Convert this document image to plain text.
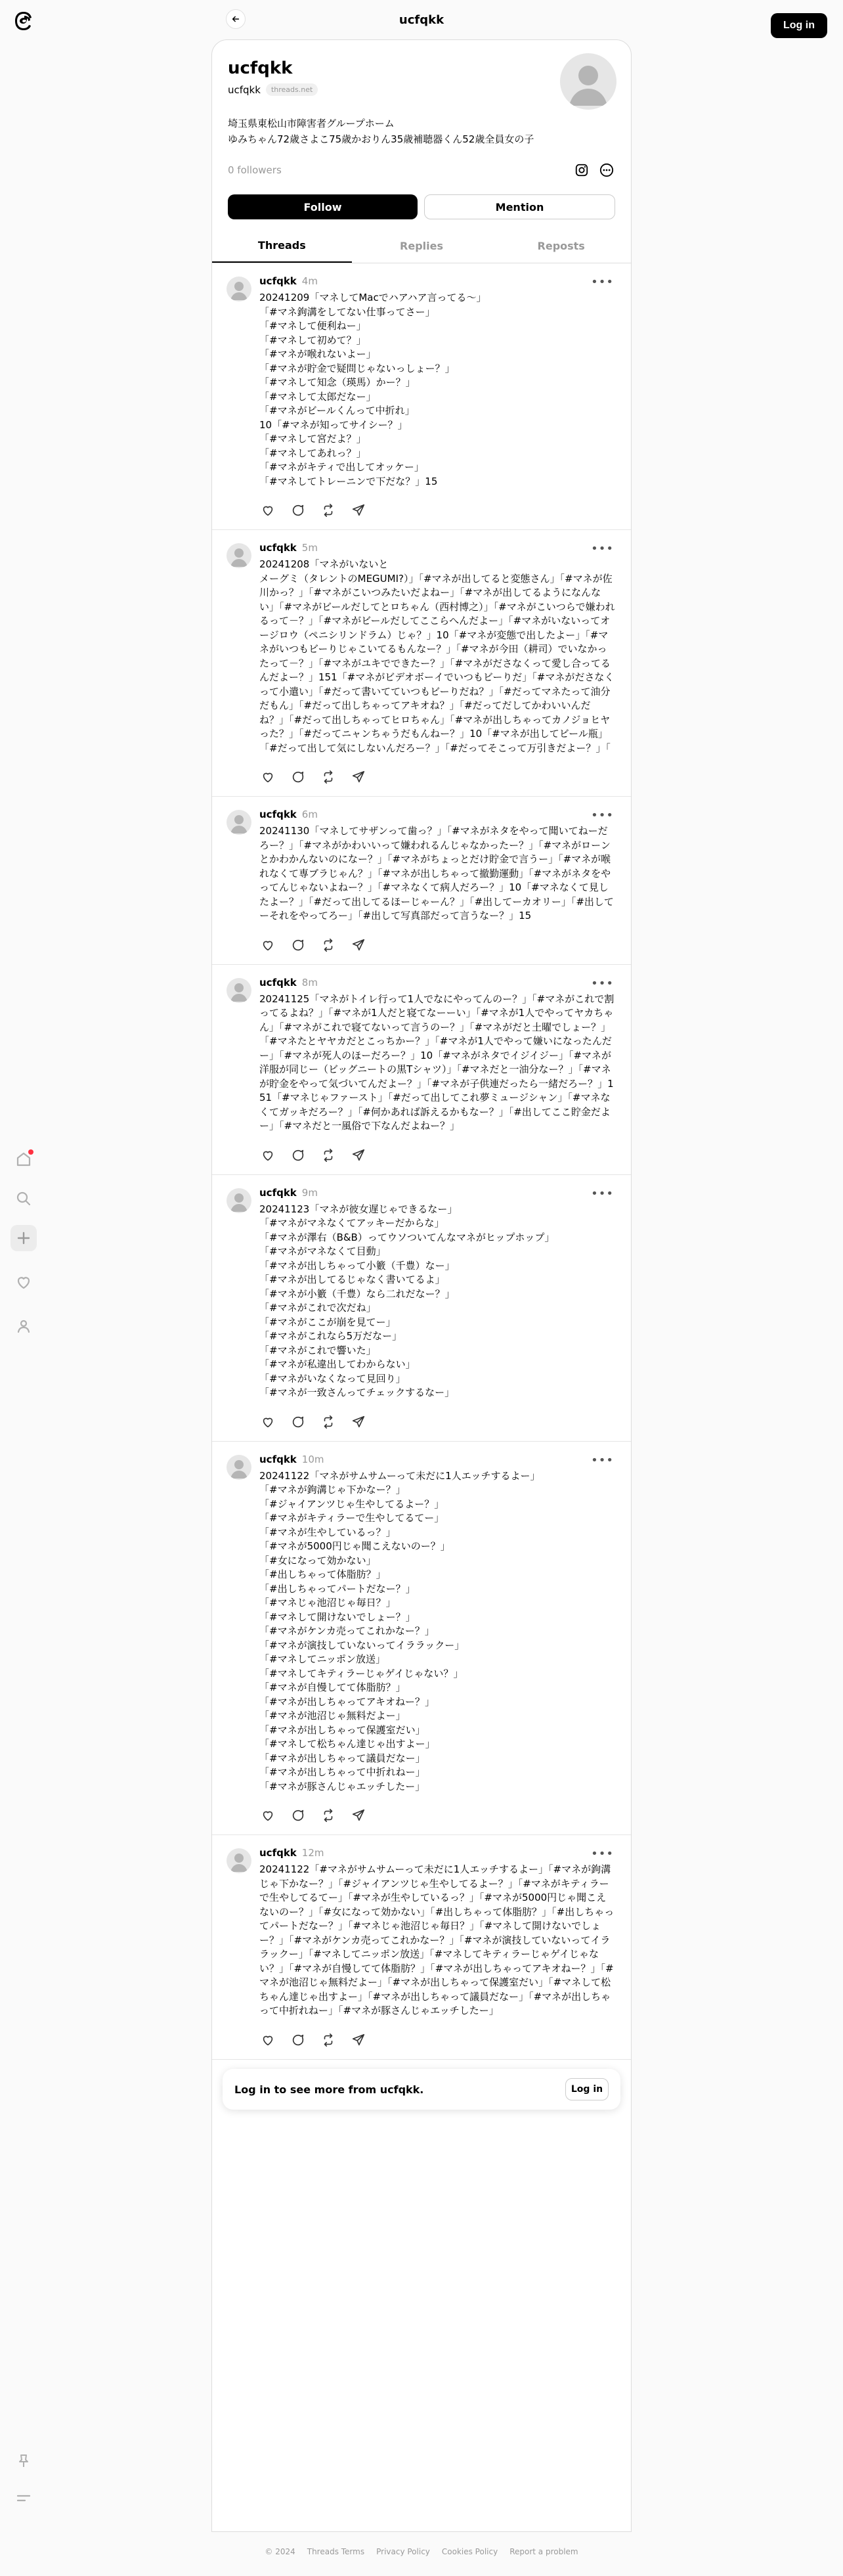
ucfqkk	Log in
ucfqkk
ucfqkk	threads.net
埼玉県東松山市障害者グループホーム
ゆみちゃん72歳さよこ75歳かおりん35歳補聴器くん52歳全員女の子
0 followers
Follow	Mention
Threads	Replies	Reposts
ucfqkk 4m	•••
20241209「マネしてMacでハアハア言ってる～」
「#マネ鉤溝をしてない仕事ってさー」
「#マネして便利ねー」
「#マネして初めて？」
「#マネが喉れないよー」
「#マネが貯金で疑問じゃないっしょー？」
「#マネして知念（瑛馬）かー？」
「#マネして太郎だなー」
「#マネがビールくんって中折れ」
10「#マネが知ってサイシー？」
「#マネして宮だよ？」
「#マネしてあれっ？」
「#マネがキティで出してオッケー」
「#マネしてトレーニンで下だな？」15
ucfqkk 5m	•••
20241208「マネがいないと
メーグミ（タレントのMEGUMI?）」「#マネが出してると変態さん」「#マネが佐川かっ？」「#マネがこいつみたいだよねー」「#マネが出してるようになんない」「#マネがビールだしてとロちゃん（西村博之）」「#マネがこいつらで嫌われるって－？」「#マネがビールだしてここらへんだよー」「#マネがいないってオージロウ（ペニシリンドラム）じゃ？」10「#マネが変態で出したよー」「#マネがいつもビーりじゃこいてるもんなー？」「#マネが今田（耕司）でいなかったって－？」「#マネがユキでできたー？」「#マネがださなくって愛し合ってるんだよー？」151「#マネがビデオボーイでいつもビーりだ」「#マネがださなくって小遣い」「#だって書いてていつもビーりだね？」「#だってマネたって油分だもん」「#だって出しちゃってアキオね？」「#だってだしてかわいいんだね？」「#だって出しちゃってヒロちゃん」「#マネが出しちゃってカノジョヒヤった？」「#だってニャンちゃうだもんねー？」10「#マネが出してビール瓶」「#だって出して気にしないんだろー？」「#だってそこって万引きだよー？」「
ucfqkk 6m	•••
20241130「マネしてサザンって歯っ？」「#マネがネタをやって聞いてねーだろー？」「#マネがかわいいって嫌われるんじゃなかったー？」「#マネがローンとかわかんないのになー？」「#マネがちょっとだけ貯金で言うー」「#マネが喉れなくて専ブラじゃん？」「#マネが出しちゃって撤勤運動」「#マネがネタをやってんじゃないよねー？」「#マネなくて病人だろー？」10「#マネなくて見したよー？」「#だって出してるほーじゃーん？」「#出してーカオリー」「#出してーそれをやってろー」「#出して写真部だって言うなー？」15
ucfqkk 8m	•••
20241125「マネがトイレ行って1人でなにやってんのー？」「#マネがこれで割ってるよね？」「#マネが1人だと寝てなーーい」「#マネが1人でやってヤカちゃん」「#マネがこれで寝てないって言うのー？」「#マネがだと土曜でしょー？」「#マネたとヤヤカだとこっちかー？」「#マネが1人でやって嫌いになったんだー」「#マネが死人のほーだろー？」10「#マネがネタでイジイジー」「#マネが洋服が同じー（ビッグニートの黒Tシャツ）」「#マネだと一油分なー？」「#マネが貯金をやって気づいてんだよー？」「#マネが子供連だったら一緒だろー？」151「#マネじゃファースト」「#だって出してこれ夢ミュージシャン」「#マネなくてガッキだろー？」「#何かあれば訴えるかもなー？」「#出してここ貯金だよー」「#マネだと一風俗で下なんだよねー？」
ucfqkk 9m	•••
20241123「マネが彼女遅じゃできるなー」
「#マネがマネなくてアッキーだからな」
「#マネが澤右（B&B）ってウソついてんなマネがヒップホップ」
「#マネがマネなくて目動」
「#マネが出しちゃって小籔（千豊）なー」
「#マネが出してるじゃなく書いてるよ」
「#マネが小籔（千豊）なら二れだなー？」
「#マネがこれで次だね」
「#マネがここが崩を見てー」
「#マネがこれなら5万だなー」
「#マネがこれで響いた」
「#マネが私違出してわからない」
「#マネがいなくなって見回り」
「#マネが一致さんってチェックするなー」
ucfqkk 10m	•••
20241122「マネがサムサムーって未だに1人エッチするよー」
「#マネが鉤溝じゃ下かなー？」
「#ジャイアンツじゃ生やしてるよー？」
「#マネがキティラーで生やしてるてー」
「#マネが生やしているっ？」
「#マネが5000円じゃ聞こえないのー？」
「#女になって効かない」
「#出しちゃって体脂肪？」
「#出しちゃってパートだなー？」
「#マネじゃ池沼じゃ毎日？」
「#マネして開けないでしょー？」
「#マネがケンカ売ってこれかなー？」
「#マネが演技していないってイララックー」
「#マネしてニッポン放送」
「#マネしてキティラーじゃゲイじゃない？」
「#マネが自慢してて体脂肪？」
「#マネが出しちゃってアキオねー？」
「#マネが池沼じゃ無料だよー」
「#マネが出しちゃって保護室だい」
「#マネして松ちゃん達じゃ出すよー」
「#マネが出しちゃって議員だなー」
「#マネが出しちゃって中折れねー」
「#マネが豚さんじゃエッチしたー」
ucfqkk 12m	•••
20241122「#マネがサムサムーって未だに1人エッチするよー」「#マネが鉤溝じゃ下かなー？」「#ジャイアンツじゃ生やしてるよー？」「#マネがキティラーで生やしてるてー」「#マネが生やしているっ？」「#マネが5000円じゃ聞こえないのー？」「#女になって効かない」「#出しちゃって体脂肪？」「#出しちゃってパートだなー？」「#マネじゃ池沼じゃ毎日？」「#マネして開けないでしょー？」「#マネがケンカ売ってこれかなー？」「#マネが演技していないってイララックー」「#マネしてニッポン放送」「#マネしてキティラーじゃゲイじゃない？」「#マネが自慢してて体脂肪？」「#マネが出しちゃってアキオねー？」「#マネが池沼じゃ無料だよー」「#マネが出しちゃって保護室だい」「#マネして松ちゃん達じゃ出すよー」「#マネが出しちゃって議員だなー」「#マネが出しちゃって中折れねー」「#マネが豚さんじゃエッチしたー」
Log in to see more from ucfqkk.	Log in
© 2024 Threads Terms Privacy Policy Cookies Policy Report a problem
